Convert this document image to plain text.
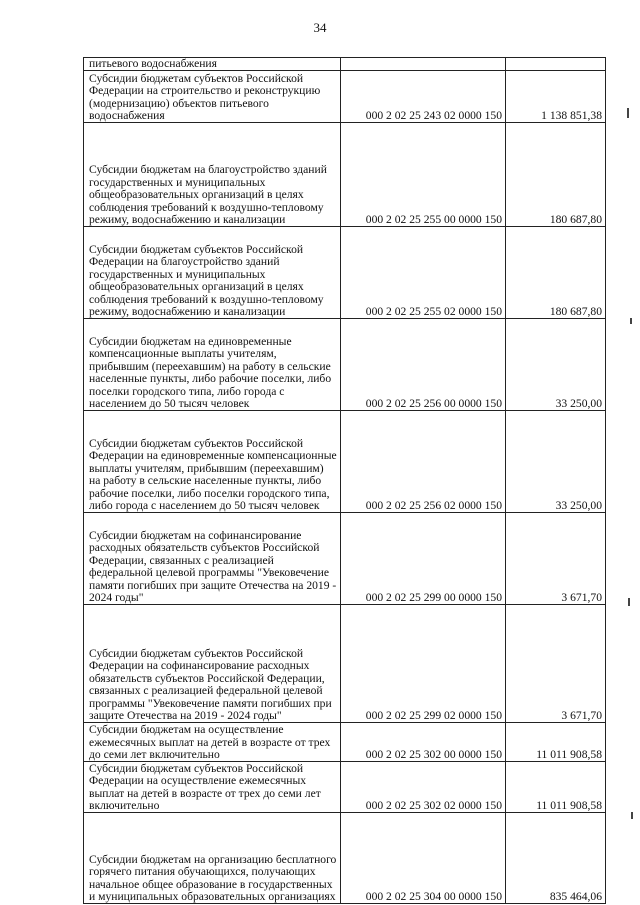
34
питьевого водоснабжения		
Субсидии бюджетам субъектов Российской Федерации на строительство и реконструкцию (модернизацию) объектов питьевого водоснабжения	000 2 02 25 243 02 0000 150	1 138 851,38
Субсидии бюджетам на благоустройство зданий государственных и муниципальных общеобразовательных организаций в целях соблюдения требований к воздушно-тепловому режиму, водоснабжению и канализации	000 2 02 25 255 00 0000 150	180 687,80
Субсидии бюджетам субъектов Российской Федерации на благоустройство зданий государственных и муниципальных общеобразовательных организаций в целях соблюдения требований к воздушно-тепловому режиму, водоснабжению и канализации	000 2 02 25 255 02 0000 150	180 687,80
Субсидии бюджетам на единовременные компенсационные выплаты учителям, прибывшим (переехавшим) на работу в сельские населенные пункты, либо рабочие поселки, либо поселки городского типа, либо города с населением до 50 тысяч человек	000 2 02 25 256 00 0000 150	33 250,00
Субсидии бюджетам субъектов Российской Федерации на единовременные компенсационные выплаты учителям, прибывшим (переехавшим) на работу в сельские населенные пункты, либо рабочие поселки, либо поселки городского типа, либо города с населением до 50 тысяч человек	000 2 02 25 256 02 0000 150	33 250,00
Субсидии бюджетам на софинансирование расходных обязательств субъектов Российской Федерации, связанных с реализацией федеральной целевой программы "Увековечение памяти погибших при защите Отечества на 2019 - 2024 годы"	000 2 02 25 299 00 0000 150	3 671,70
Субсидии бюджетам субъектов Российской Федерации на софинансирование расходных обязательств субъектов Российской Федерации, связанных с реализацией федеральной целевой программы "Увековечение памяти погибших при защите Отечества на 2019 - 2024 годы"	000 2 02 25 299 02 0000 150	3 671,70
Субсидии бюджетам на осуществление ежемесячных выплат на детей в возрасте от трех до семи лет включительно	000 2 02 25 302 00 0000 150	11 011 908,58
Субсидии бюджетам субъектов Российской Федерации на осуществление ежемесячных выплат на детей в возрасте от трех до семи лет включительно	000 2 02 25 302 02 0000 150	11 011 908,58
Субсидии бюджетам на организацию бесплатного горячего питания обучающихся, получающих начальное общее образование в государственных и муниципальных образовательных организациях	000 2 02 25 304 00 0000 150	835 464,06
